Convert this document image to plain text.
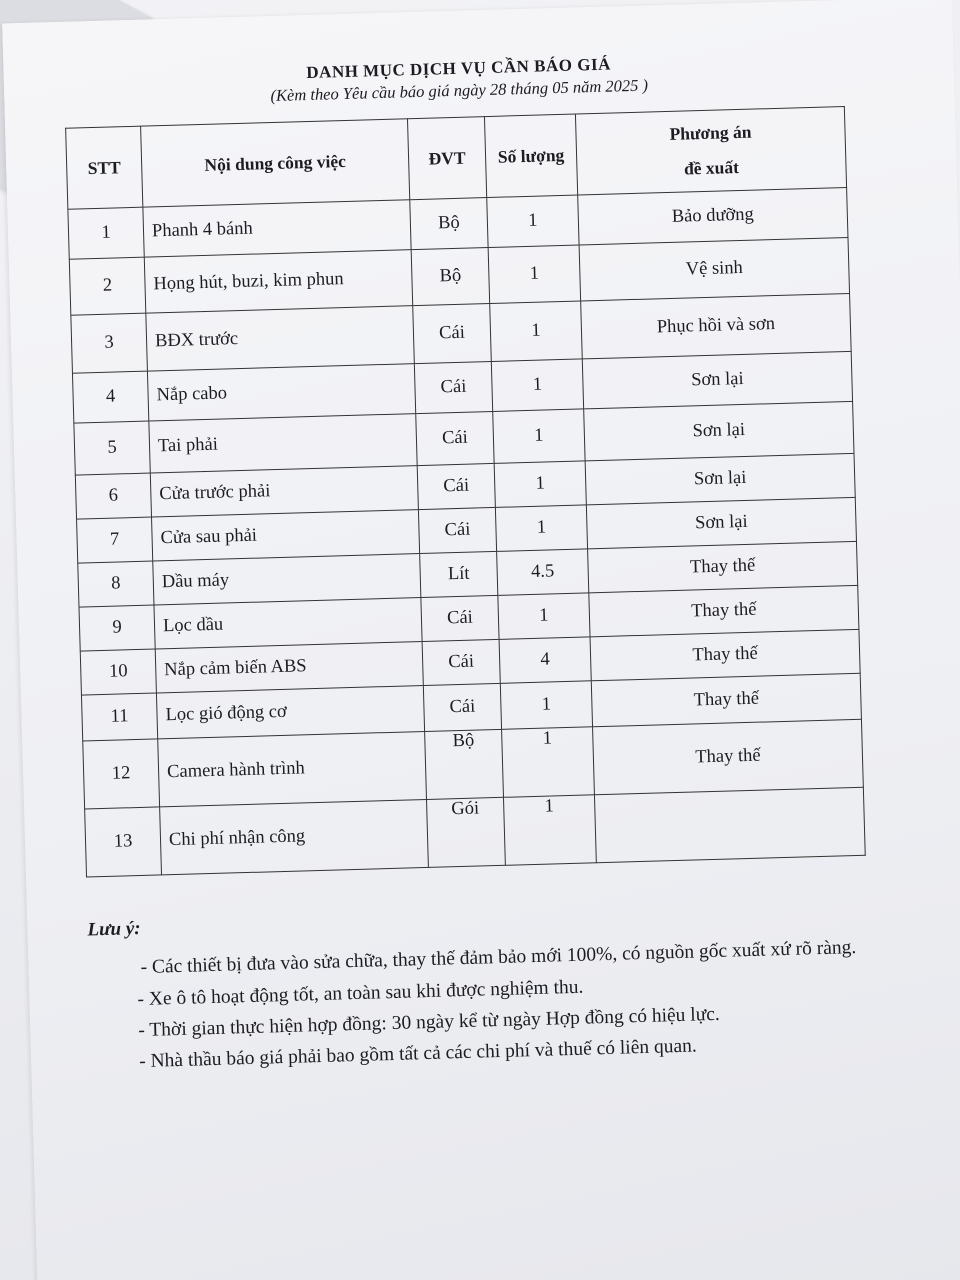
DANH MỤC DỊCH VỤ CẦN BÁO GIÁ
(Kèm theo Yêu cầu báo giá ngày 28 tháng 05 năm 2025 )
STT	Nội dung công việc	ĐVT	Số lượng	Phương án
đề xuất
1	Phanh 4 bánh	Bộ	1	Bảo dưỡng
2	Họng hút, buzi, kim phun	Bộ	1	Vệ sinh
3	BĐX trước	Cái	1	Phục hồi và sơn
4	Nắp cabo	Cái	1	Sơn lại
5	Tai phải	Cái	1	Sơn lại
6	Cửa trước phải	Cái	1	Sơn lại
7	Cửa sau phải	Cái	1	Sơn lại
8	Dầu máy	Lít	4.5	Thay thế
9	Lọc dầu	Cái	1	Thay thế
10	Nắp cảm biến ABS	Cái	4	Thay thế
11	Lọc gió động cơ	Cái	1	Thay thế
12	Camera hành trình	Bộ	1	Thay thế
13	Chi phí nhận công	Gói	1	
Lưu ý:

- Các thiết bị đưa vào sửa chữa, thay thế đảm bảo mới 100%, có nguồn gốc xuất xứ rõ ràng.

- Xe ô tô hoạt động tốt, an toàn sau khi được nghiệm thu.

- Thời gian thực hiện hợp đồng: 30 ngày kể từ ngày Hợp đồng có hiệu lực.

- Nhà thầu báo giá phải bao gồm tất cả các chi phí và thuế có liên quan.
